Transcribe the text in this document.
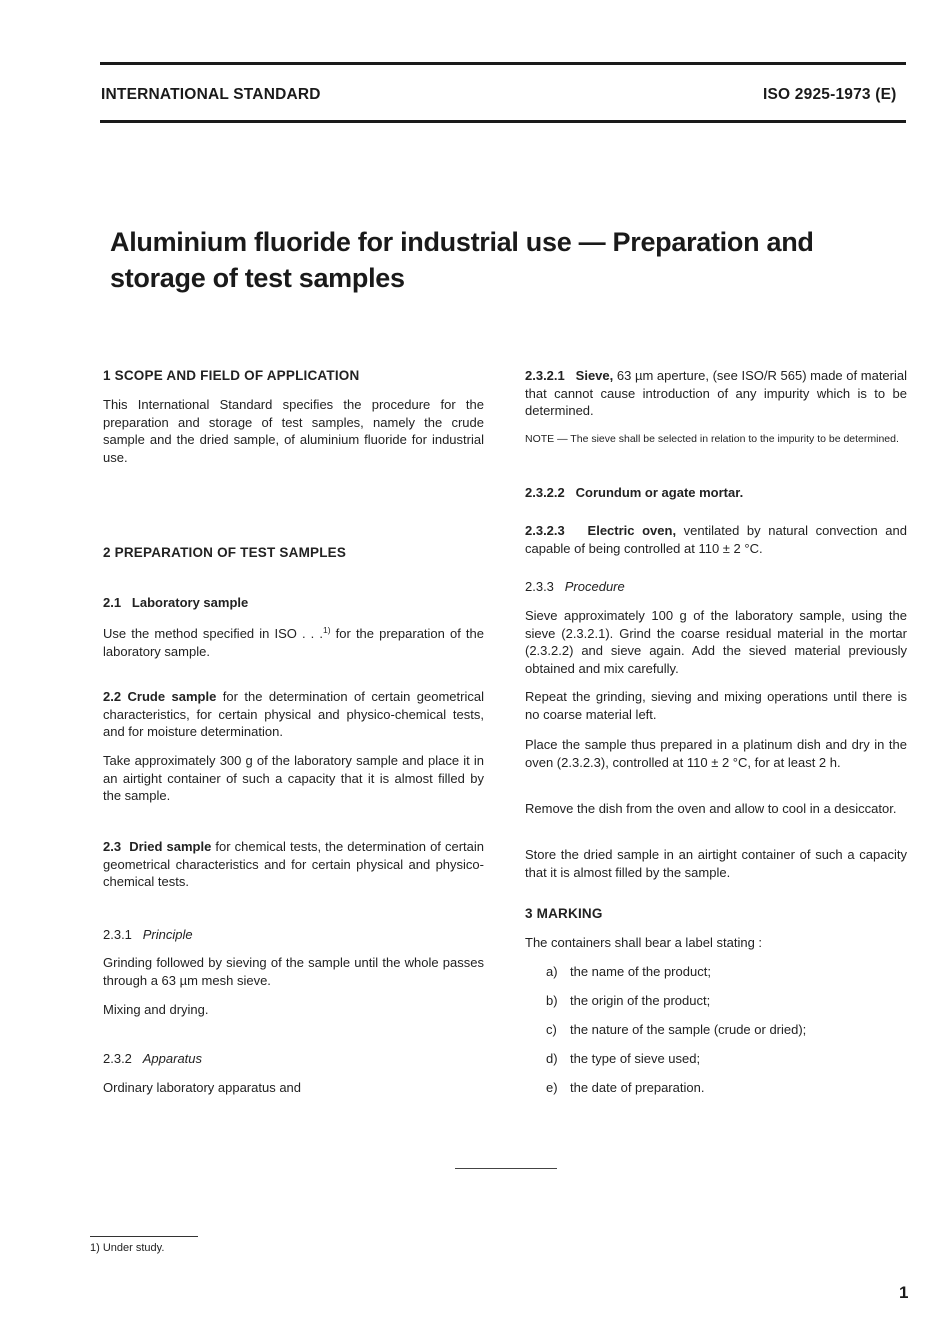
INTERNATIONAL STANDARD	ISO 2925-1973 (E)
Aluminium fluoride for industrial use — Preparation and
storage of test samples
1 SCOPE AND FIELD OF APPLICATION
This International Standard specifies the procedure for the preparation and storage of test samples, namely the crude sample and the dried sample, of aluminium fluoride for industrial use.
2 PREPARATION OF TEST SAMPLES
2.1 Laboratory sample
Use the method specified in ISO . . .$^{1)}$ for the preparation of the laboratory sample.
2.2 Crude sample for the determination of certain geometrical characteristics, for certain physical and physico-chemical tests, and for moisture determination.
Take approximately 300 g of the laboratory sample and place it in an airtight container of such a capacity that it is almost filled by the sample.
2.3 Dried sample for chemical tests, the determination of certain geometrical characteristics and for certain physical and physico-chemical tests.
2.3.1 Principle
Grinding followed by sieving of the sample until the whole passes through a 63 µm mesh sieve.
Mixing and drying.
2.3.2 Apparatus
Ordinary laboratory apparatus and
2.3.2.1 Sieve, 63 µm aperture, (see ISO/R 565) made of material that cannot cause introduction of any impurity which is to be determined.
NOTE — The sieve shall be selected in relation to the impurity to be determined.
2.3.2.2 Corundum or agate mortar.
2.3.2.3 Electric oven, ventilated by natural convection and capable of being controlled at 110 ± 2 °C.
2.3.3 Procedure
Sieve approximately 100 g of the laboratory sample, using the sieve (2.3.2.1). Grind the coarse residual material in the mortar (2.3.2.2) and sieve again. Add the sieved material previously obtained and mix carefully.
Repeat the grinding, sieving and mixing operations until there is no coarse material left.
Place the sample thus prepared in a platinum dish and dry in the oven (2.3.2.3), controlled at 110 ± 2 °C, for at least 2 h.
Remove the dish from the oven and allow to cool in a desiccator.
Store the dried sample in an airtight container of such a capacity that it is almost filled by the sample.
3 MARKING
The containers shall bear a label stating :
a) the name of the product;
b) the origin of the product;
c) the nature of the sample (crude or dried);
d) the type of sieve used;
e) the date of preparation.
1) Under study.
1
